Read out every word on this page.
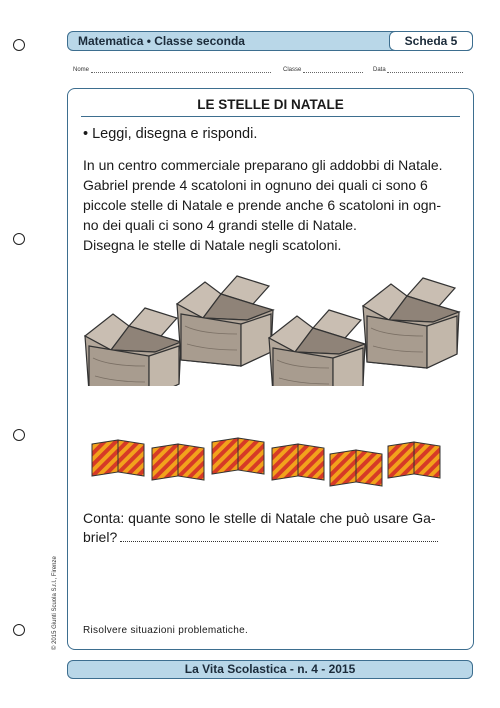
Matematica • Classe seconda	Scheda 5
Nome	Classe	Data
LE STELLE DI NATALE
• Leggi, disegna e rispondi.

In un centro commerciale preparano gli addobbi di Natale.
Gabriel prende 4 scatoloni in ognuno dei quali ci sono 6
piccole stelle di Natale e prende anche 6 scatoloni in ogn-
no dei quali ci sono 4 grandi stelle di Natale.
Disegna le stelle di Natale negli scatoloni.

Conta: quante sono le stelle di Natale che può usare Ga-
briel?

Risolvere situazioni problematiche.
La Vita Scolastica - n. 4 - 2015
© 2015 Giunti Scuola S.r.l., Firenze
